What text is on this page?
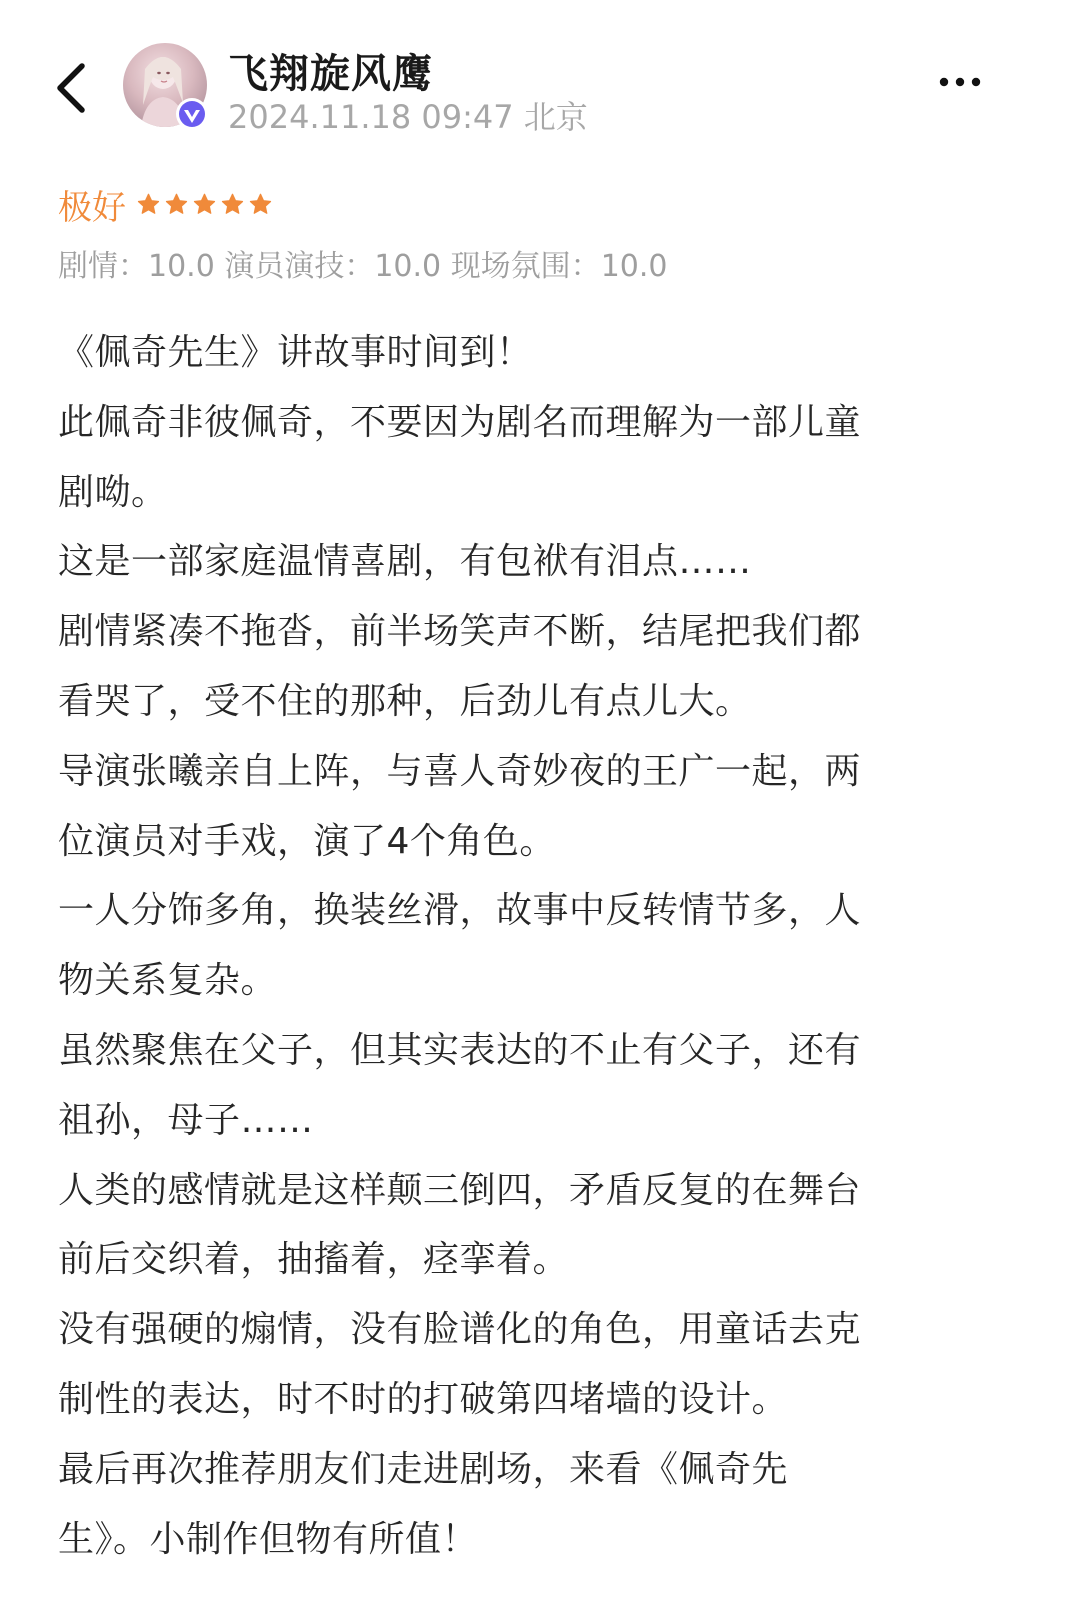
飞翔旋风鹰
2024.11.18 09:47 北京
极好
剧情：10.0 演员演技：10.0 现场氛围：10.0
《佩奇先生》讲故事时间到！
此佩奇非彼佩奇，不要因为剧名而理解为一部儿童
剧呦。
这是一部家庭温情喜剧，有包袱有泪点……
剧情紧凑不拖沓，前半场笑声不断，结尾把我们都
看哭了，受不住的那种，后劲儿有点儿大。
导演张曦亲自上阵，与喜人奇妙夜的王广一起，两
位演员对手戏，演了4个角色。
一人分饰多角，换装丝滑，故事中反转情节多，人
物关系复杂。
虽然聚焦在父子，但其实表达的不止有父子，还有
祖孙，母子……
人类的感情就是这样颠三倒四，矛盾反复的在舞台
前后交织着，抽搐着，痉挛着。
没有强硬的煽情，没有脸谱化的角色，用童话去克
制性的表达，时不时的打破第四堵墙的设计。
最后再次推荐朋友们走进剧场，来看《佩奇先
生》。小制作但物有所值！
